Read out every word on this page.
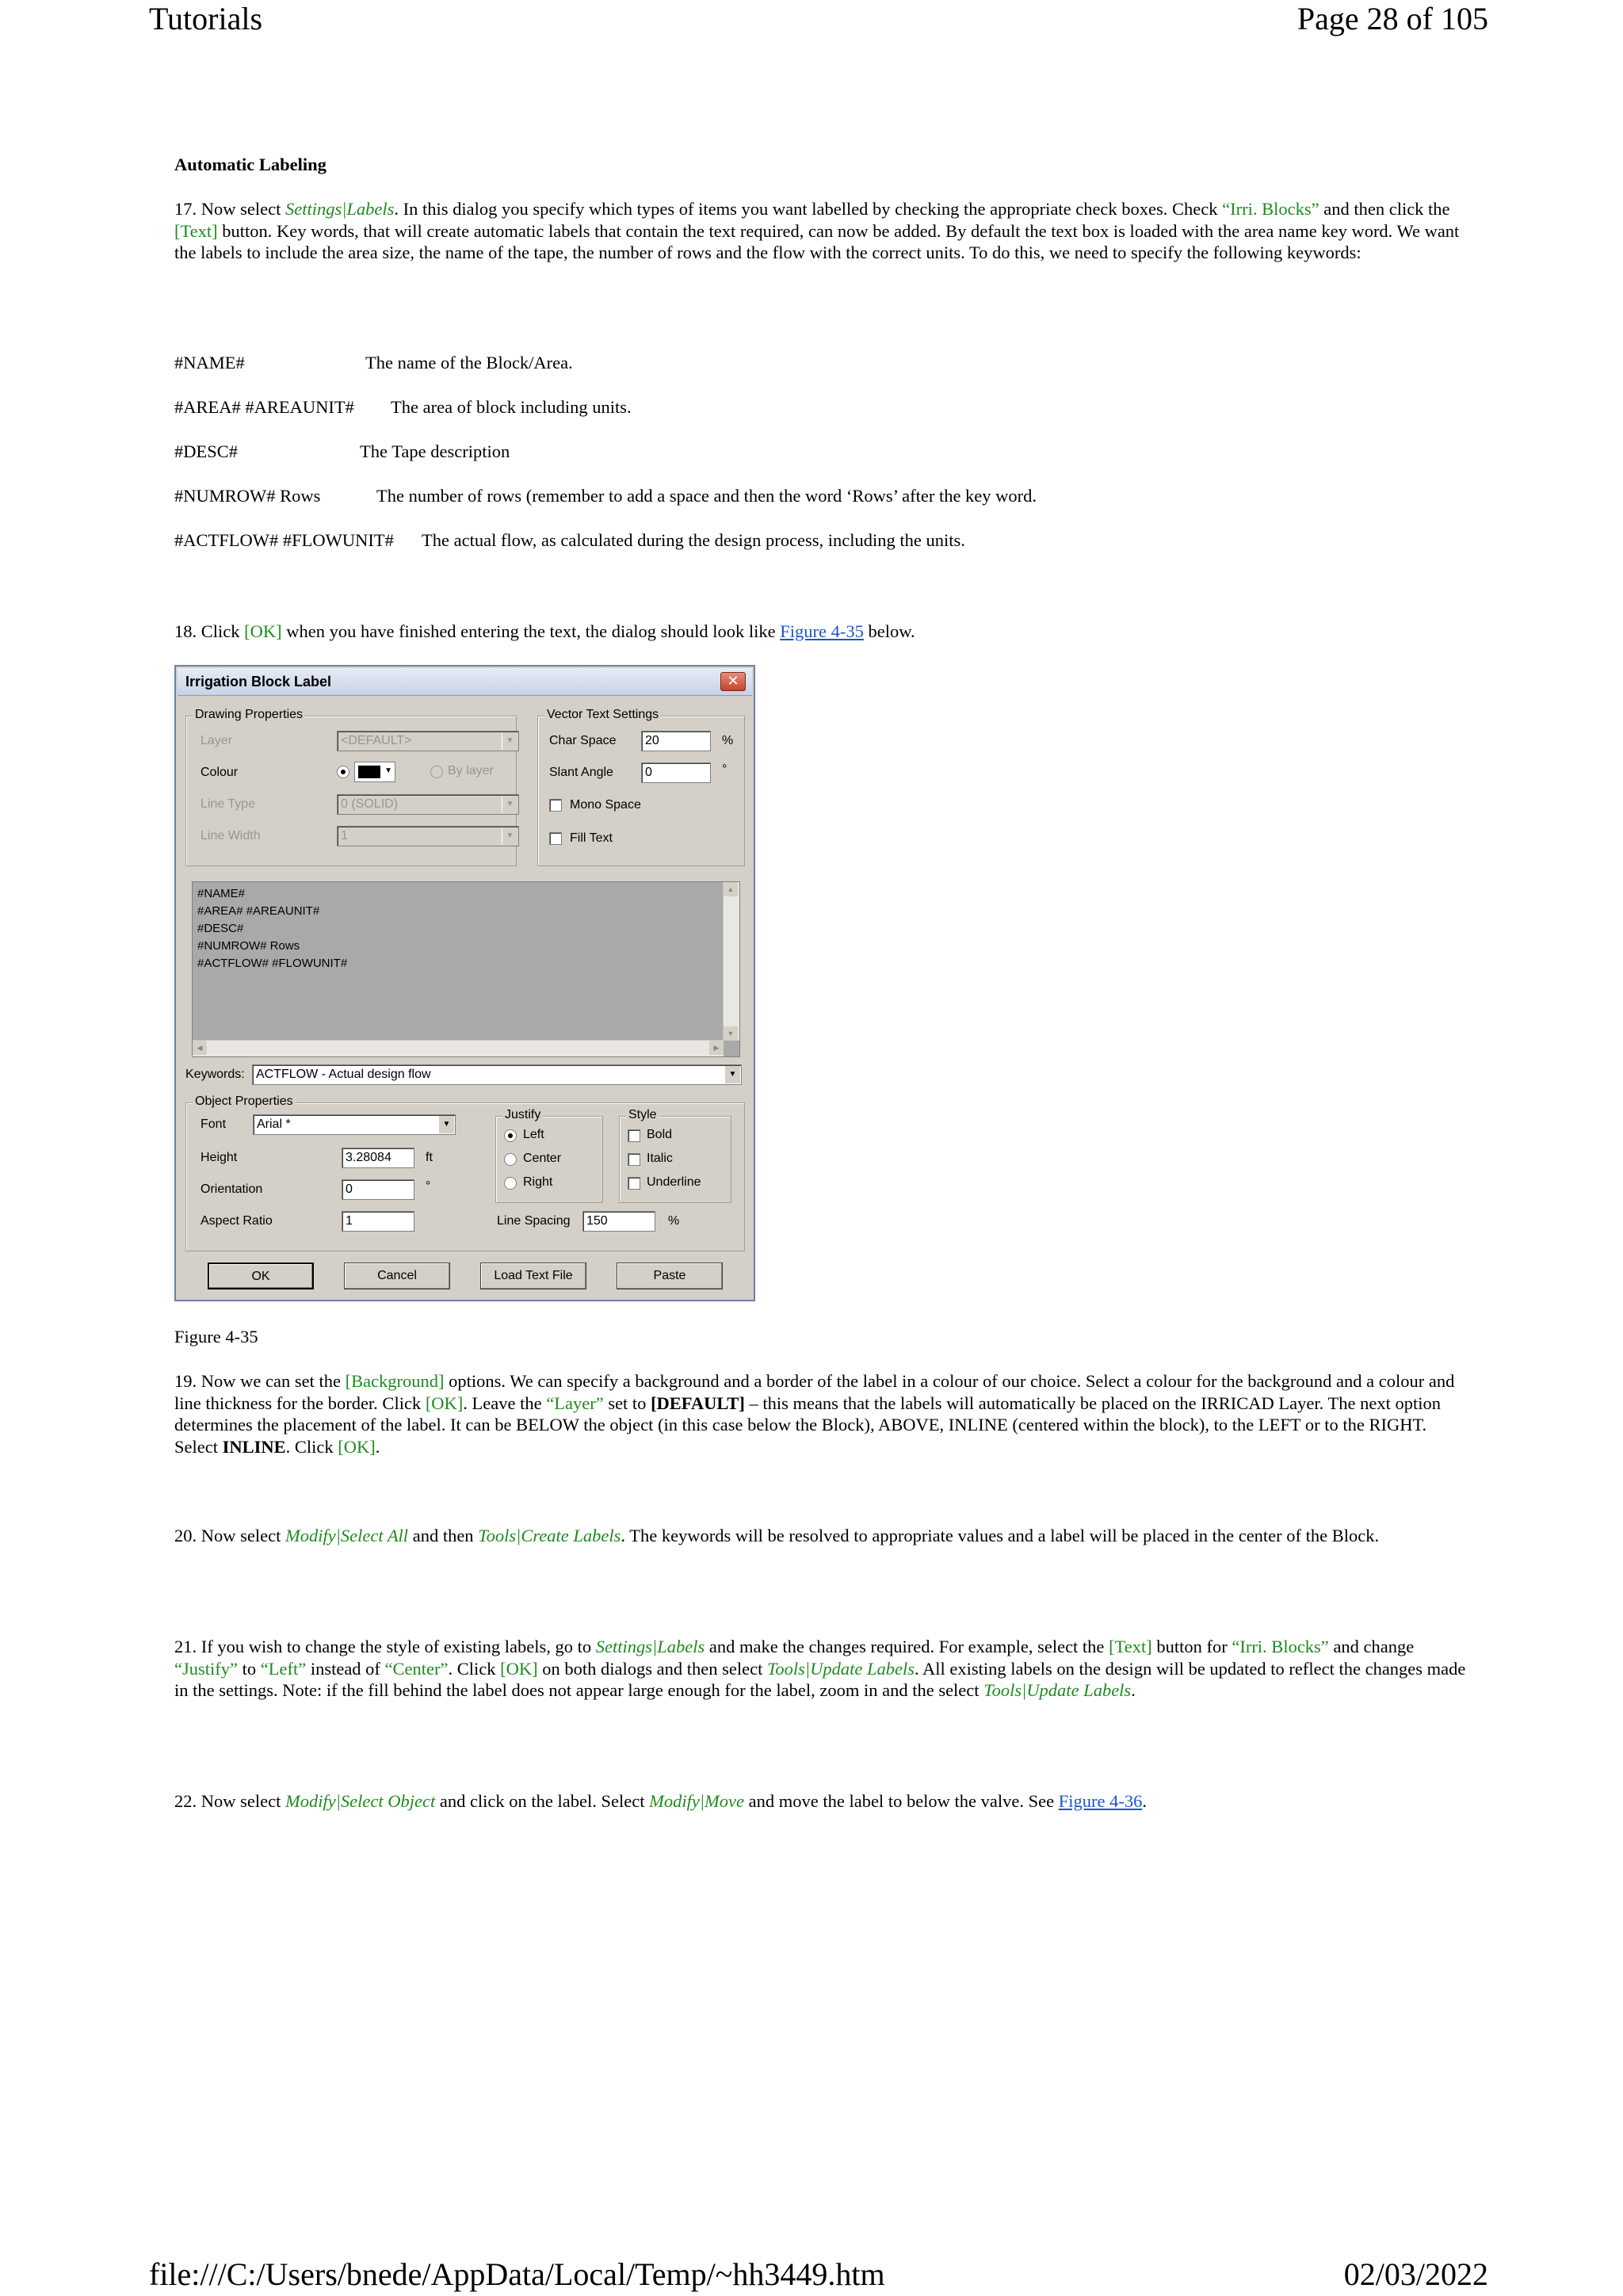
Tutorials	Page 28 of 105
Automatic Labeling
17. Now select Settings|Labels. In this dialog you specify which types of items you want labelled by checking the appropriate check boxes. Check “Irri. Blocks” and then click the [Text] button. Key words, that will create automatic labels that contain the text required, can now be added. By default the text box is loaded with the area name key word. We want the labels to include the area size, the name of the tape, the number of rows and the flow with the correct units. To do this, we need to specify the following keywords:
#NAME#	The name of the Block/Area.
#AREA# #AREAUNIT# The area of block including units.
#DESC#	The Tape description
#NUMROW# Rows	The number of rows (remember to add a space and then the word ‘Rows’ after the key word.
#ACTFLOW# #FLOWUNIT# The actual flow, as calculated during the design process, including the units.
18. Click [OK] when you have finished entering the text, the dialog should look like Figure 4-35 below.
Irrigation Block Label	✕
Drawing Properties
Layer	<DEFAULT>	▼
Colour	▼	By layer
Line Type	0 (SOLID)	▼
Line Width	1	▼
Vector Text Settings
Char Space	20	%
Slant Angle	0	°
Mono Space
Fill Text
#NAME#
#AREA# #AREAUNIT#
#DESC#
#NUMROW# Rows
#ACTFLOW# #FLOWUNIT#
▲
▼
◀	▶
Keywords: ACTFLOW - Actual design flow	▼
Object Properties
Font	Arial *	▼
Height	3.28084	ft
Orientation	0	°
Aspect Ratio	1
Justify
Left
Center
Right
Style
Bold
Italic
Underline
Line Spacing	150	%
OK	Cancel	Load Text File	Paste
Figure 4-35
19. Now we can set the [Background] options. We can specify a background and a border of the label in a colour of our choice. Select a colour for the background and a colour and line thickness for the border. Click [OK]. Leave the “Layer” set to [DEFAULT] – this means that the labels will automatically be placed on the IRRICAD Layer. The next option determines the placement of the label. It can be BELOW the object (in this case below the Block), ABOVE, INLINE (centered within the block), to the LEFT or to the RIGHT. Select INLINE. Click [OK].
20. Now select Modify|Select All and then Tools|Create Labels. The keywords will be resolved to appropriate values and a label will be placed in the center of the Block.
21. If you wish to change the style of existing labels, go to Settings|Labels and make the changes required. For example, select the [Text] button for “Irri. Blocks” and change “Justify” to “Left” instead of “Center”. Click [OK] on both dialogs and then select Tools|Update Labels. All existing labels on the design will be updated to reflect the changes made in the settings. Note: if the fill behind the label does not appear large enough for the label, zoom in and the select Tools|Update Labels.
22. Now select Modify|Select Object and click on the label. Select Modify|Move and move the label to below the valve. See Figure 4-36.
file:///C:/Users/bnede/AppData/Local/Temp/~hh3449.htm	02/03/2022
